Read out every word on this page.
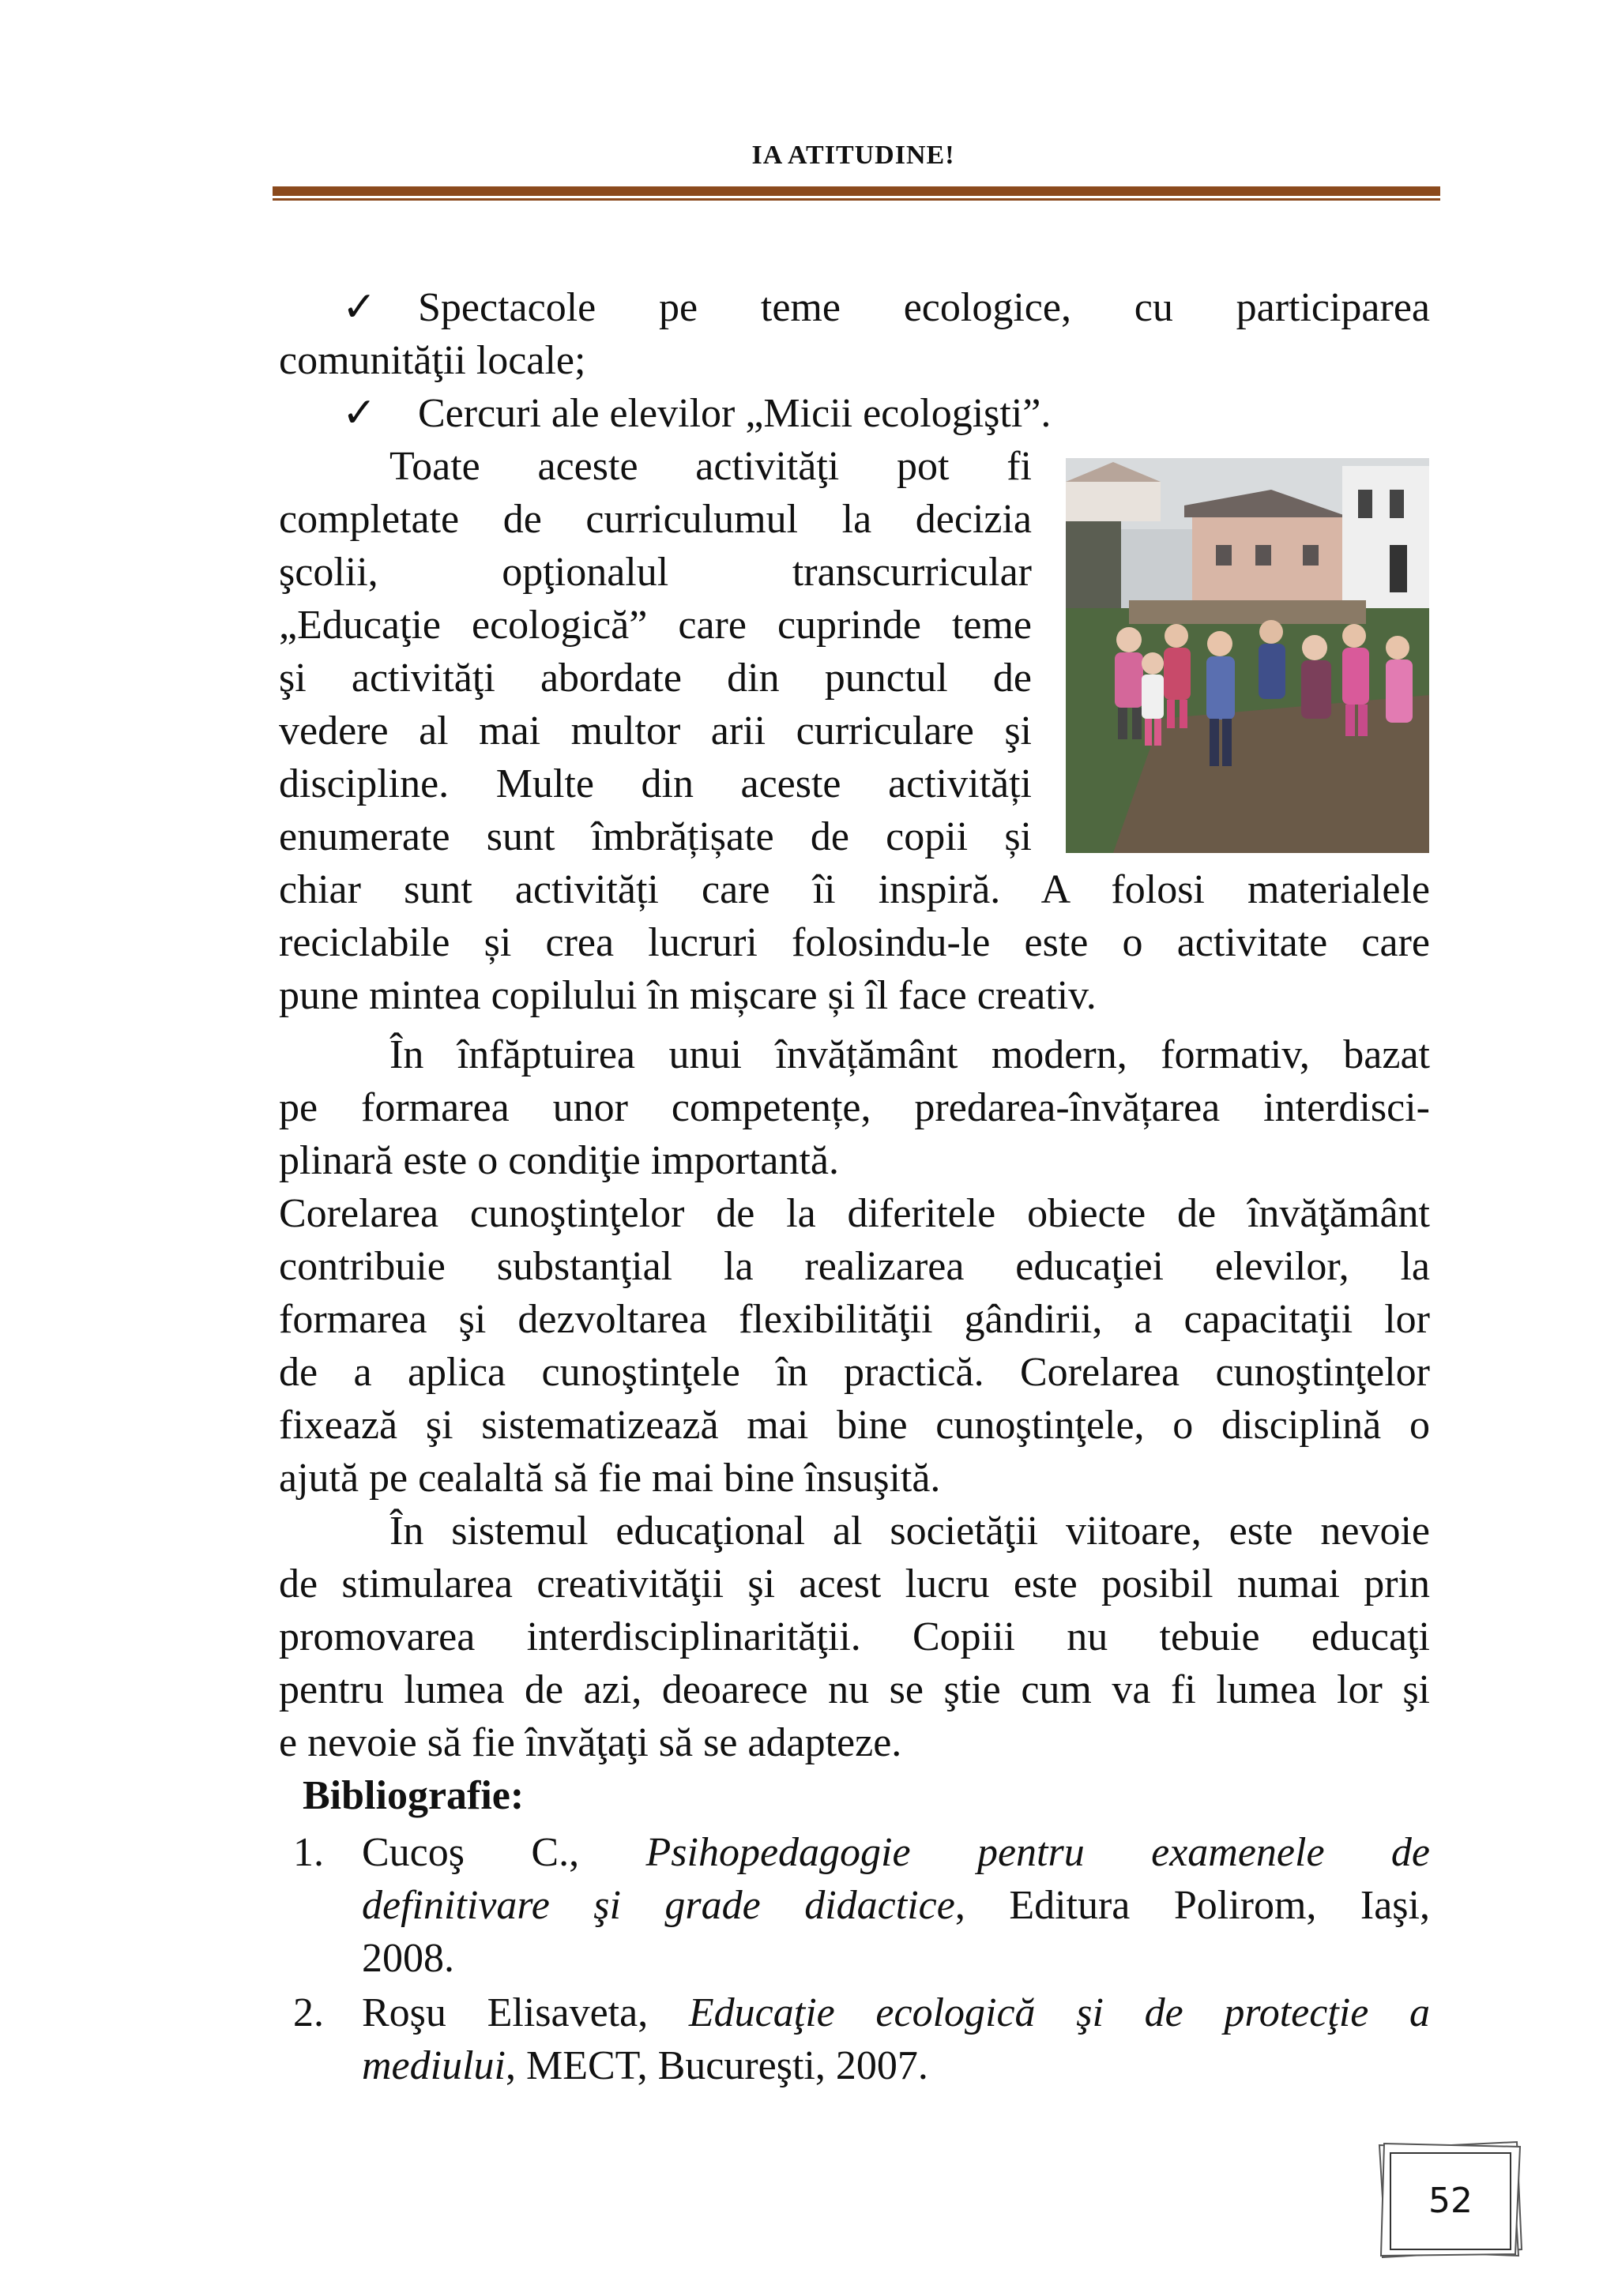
IA ATITUDINE!
✓ Spectacole pe teme ecologice, cu participarea
comunităţii locale;
✓ Cercuri ale elevilor „Micii ecologişti”.
Toate aceste activităţi pot fi
completate de curriculumul la decizia
şcolii, opţionalul transcurricular
„Educaţie ecologică” care cuprinde teme
şi activităţi abordate din punctul de
vedere al mai multor arii curriculare şi
discipline. Multe din aceste activități
enumerate sunt îmbrățișate de copii și
chiar sunt activități care îi inspiră. A folosi materialele
reciclabile și crea lucruri folosindu-le este o activitate care
pune mintea copilului în mișcare și îl face creativ.
În înfăptuirea unui învățământ modern, formativ, bazat
pe formarea unor competențe, predarea-învățarea interdisci-
plinară este o condiţie importantă.
Corelarea cunoştinţelor de la diferitele obiecte de învăţământ
contribuie substanţial la realizarea educaţiei elevilor, la
formarea şi dezvoltarea flexibilităţii gândirii, a capacitaţii lor
de a aplica cunoştinţele în practică. Corelarea cunoştinţelor
fixează şi sistematizează mai bine cunoştinţele, o disciplină o
ajută pe cealaltă să fie mai bine însuşită.
În sistemul educaţional al societăţii viitoare, este nevoie
de stimularea creativităţii şi acest lucru este posibil numai prin
promovarea interdisciplinarităţii. Copiii nu tebuie educaţi
pentru lumea de azi, deoarece nu se ştie cum va fi lumea lor şi
e nevoie să fie învăţaţi să se adapteze.
Bibliografie:
1. Cucoş C., Psihopedagogie pentru examenele de
definitivare şi grade didactice, Editura Polirom, Iaşi,
2008.
2. Roşu Elisaveta, Educaţie ecologică şi de protecţie a
mediului, MECT, Bucureşti, 2007.
52
